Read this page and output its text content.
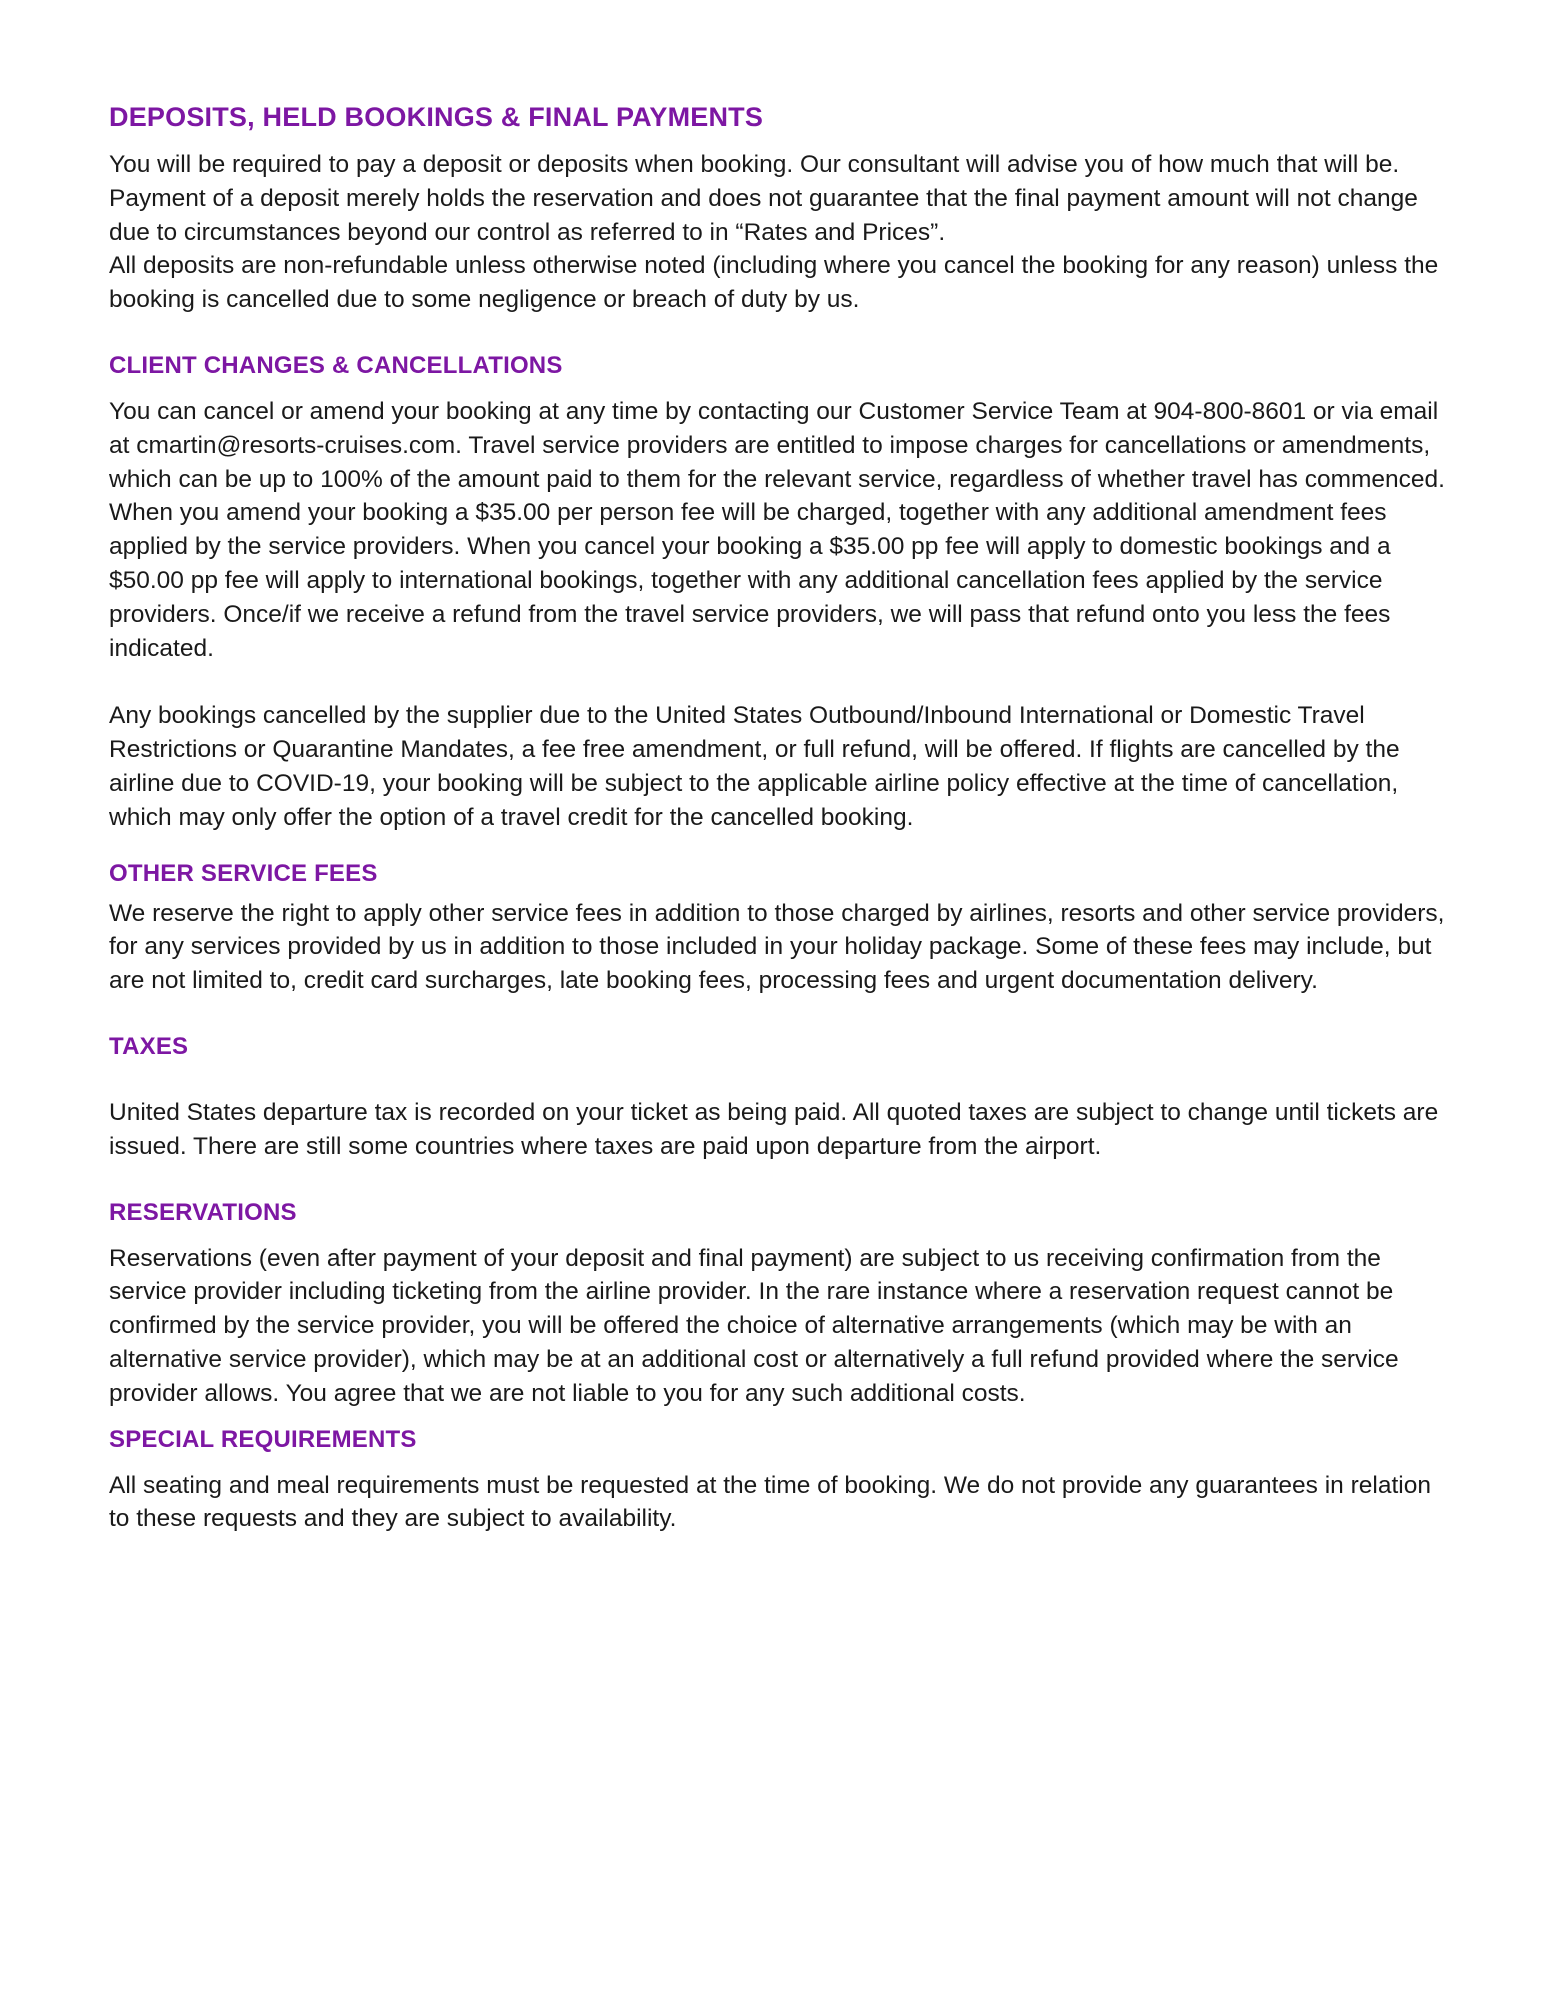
DEPOSITS, HELD BOOKINGS & FINAL PAYMENTS

You will be required to pay a deposit or deposits when booking. Our consultant will advise you of how much that will be. Payment of a deposit merely holds the reservation and does not guarantee that the final payment amount will not change due to circumstances beyond our control as referred to in “Rates and Prices”.

All deposits are non-refundable unless otherwise noted (including where you cancel the booking for any reason) unless the booking is cancelled due to some negligence or breach of duty by us.

CLIENT CHANGES & CANCELLATIONS

You can cancel or amend your booking at any time by contacting our Customer Service Team at 904-800-8601 or via email at cmartin@resorts-cruises.com. Travel service providers are entitled to impose charges for cancellations or amendments, which can be up to 100% of the amount paid to them for the relevant service, regardless of whether travel has commenced. When you amend your booking a $35.00 per person fee will be charged, together with any additional amendment fees applied by the service providers. When you cancel your booking a $35.00 pp fee will apply to domestic bookings and a $50.00 pp fee will apply to international bookings, together with any additional cancellation fees applied by the service providers. Once/if we receive a refund from the travel service providers, we will pass that refund onto you less the fees indicated.

Any bookings cancelled by the supplier due to the United States Outbound/Inbound International or Domestic Travel Restrictions or Quarantine Mandates, a fee free amendment, or full refund, will be offered. If flights are cancelled by the airline due to COVID-19, your booking will be subject to the applicable airline policy effective at the time of cancellation, which may only offer the option of a travel credit for the cancelled booking.

OTHER SERVICE FEES

We reserve the right to apply other service fees in addition to those charged by airlines, resorts and other service providers, for any services provided by us in addition to those included in your holiday package. Some of these fees may include, but are not limited to, credit card surcharges, late booking fees, processing fees and urgent documentation delivery.

TAXES

United States departure tax is recorded on your ticket as being paid. All quoted taxes are subject to change until tickets are issued. There are still some countries where taxes are paid upon departure from the airport.

RESERVATIONS

Reservations (even after payment of your deposit and final payment) are subject to us receiving confirmation from the service provider including ticketing from the airline provider. In the rare instance where a reservation request cannot be confirmed by the service provider, you will be offered the choice of alternative arrangements (which may be with an alternative service provider), which may be at an additional cost or alternatively a full refund provided where the service provider allows. You agree that we are not liable to you for any such additional costs.

SPECIAL REQUIREMENTS

All seating and meal requirements must be requested at the time of booking. We do not provide any guarantees in relation to these requests and they are subject to availability.
